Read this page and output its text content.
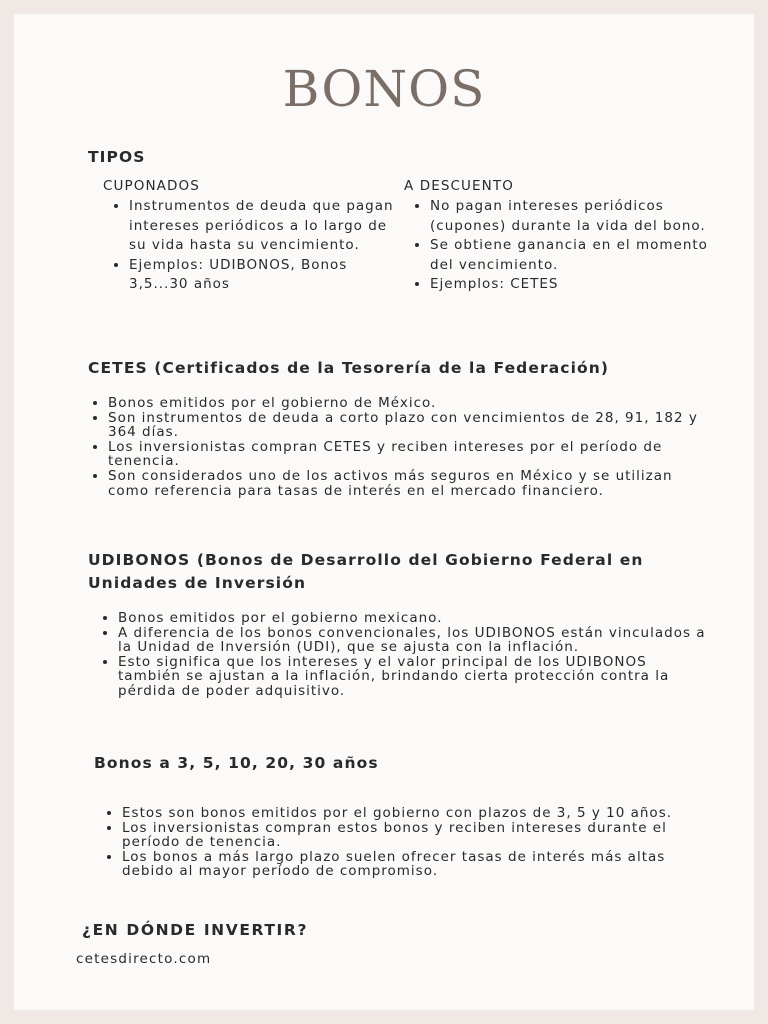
BONOS
TIPOS
CUPONADOS
• Instrumentos de deuda que pagan intereses periódicos a lo largo de su vida hasta su vencimiento.
• Ejemplos: UDIBONOS, Bonos 3,5...30 años
A DESCUENTO
• No pagan intereses periódicos (cupones) durante la vida del bono.
• Se obtiene ganancia en el momento del vencimiento.
• Ejemplos: CETES
CETES (Certificados de la Tesorería de la Federación)
• Bonos emitidos por el gobierno de México.
• Son instrumentos de deuda a corto plazo con vencimientos de 28, 91, 182 y 364 días.
• Los inversionistas compran CETES y reciben intereses por el período de tenencia.
• Son considerados uno de los activos más seguros en México y se utilizan como referencia para tasas de interés en el mercado financiero.
UDIBONOS (Bonos de Desarrollo del Gobierno Federal en Unidades de Inversión
• Bonos emitidos por el gobierno mexicano.
• A diferencia de los bonos convencionales, los UDIBONOS están vinculados a la Unidad de Inversión (UDI), que se ajusta con la inflación.
• Esto significa que los intereses y el valor principal de los UDIBONOS también se ajustan a la inflación, brindando cierta protección contra la pérdida de poder adquisitivo.
Bonos a 3, 5, 10, 20, 30 años
• Estos son bonos emitidos por el gobierno con plazos de 3, 5 y 10 años.
• Los inversionistas compran estos bonos y reciben intereses durante el período de tenencia.
• Los bonos a más largo plazo suelen ofrecer tasas de interés más altas debido al mayor período de compromiso.
¿EN DÓNDE INVERTIR?
cetesdirecto.com
